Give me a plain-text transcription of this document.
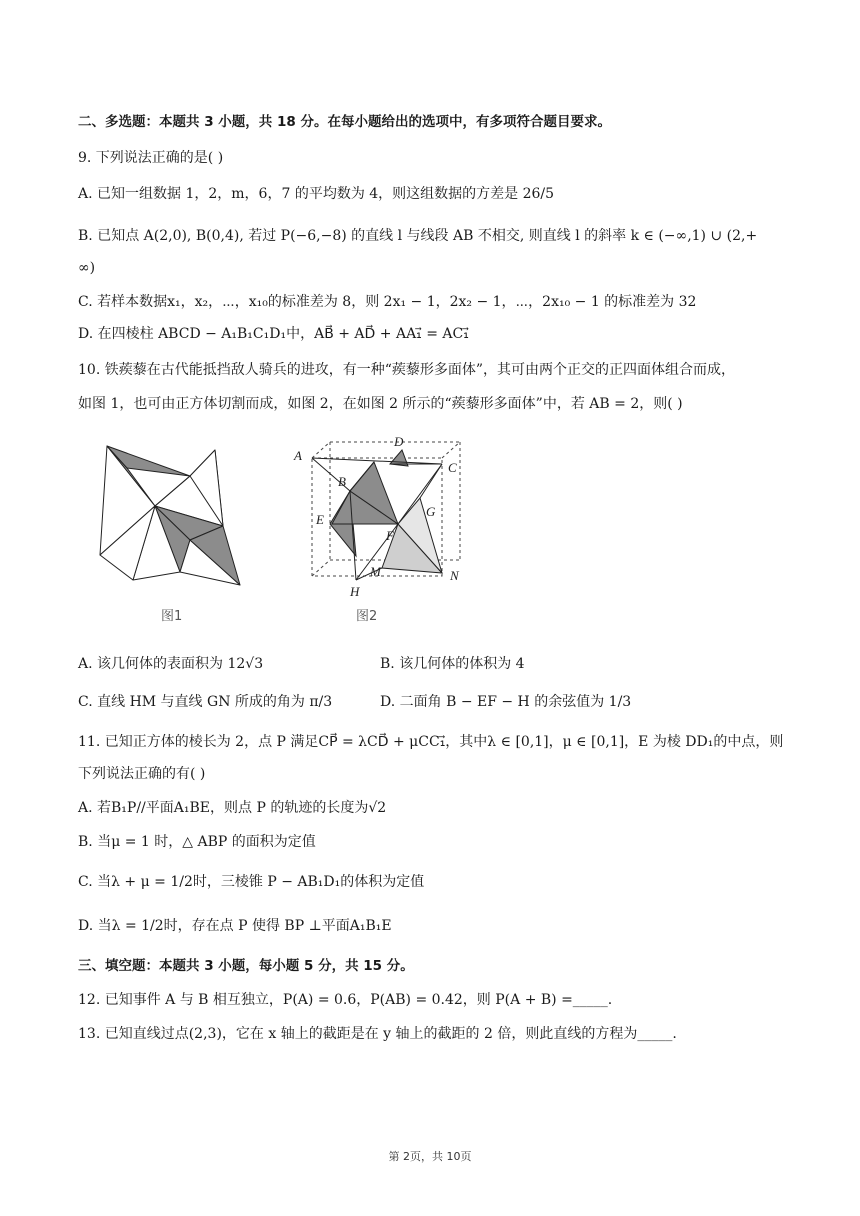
二、多选题：本题共 3 小题，共 18 分。在每小题给出的选项中，有多项符合题目要求。
9. 下列说法正确的是( )
A. 已知一组数据 1，2，m，6，7 的平均数为 4，则这组数据的方差是 26/5
B. 已知点 A(2,0), B(0,4), 若过 P(−6,−8) 的直线 l 与线段 AB 不相交, 则直线 l 的斜率 k ∈ (−∞,1) ∪ (2,+
∞)
C. 若样本数据x₁，x₂，⋯，x₁₀的标准差为 8，则 2x₁ − 1，2x₂ − 1，⋯，2x₁₀ − 1 的标准差为 32
D. 在四棱柱 ABCD − A₁B₁C₁D₁中，AB⃗ + AD⃗ + AA₁⃗ = AC₁⃗
10. 铁蒺藜在古代能抵挡敌人骑兵的进攻，有一种“蒺藜形多面体”，其可由两个正交的正四面体组合而成，
如图 1，也可由正方体切割而成，如图 2，在如图 2 所示的“蒺藜形多面体”中，若 AB = 2，则( )
图1
A
D
C
B
E
G
F
M	N
H
图2
A. 该几何体的表面积为 12√3	B. 该几何体的体积为 4
C. 直线 HM 与直线 GN 所成的角为 π/3	D. 二面角 B − EF − H 的余弦值为 1/3
11. 已知正方体的棱长为 2，点 P 满足CP⃗ = λCD⃗ + μCC₁⃗，其中λ ∈ [0,1]，μ ∈ [0,1]，E 为棱 DD₁的中点，则
下列说法正确的有( )
A. 若B₁P//平面A₁BE，则点 P 的轨迹的长度为√2
B. 当μ = 1 时，△ ABP 的面积为定值
C. 当λ + μ = 1/2时，三棱锥 P − AB₁D₁的体积为定值
D. 当λ = 1/2时，存在点 P 使得 BP ⊥平面A₁B₁E
三、填空题：本题共 3 小题，每小题 5 分，共 15 分。
12. 已知事件 A 与 B 相互独立，P(A) = 0.6，P(AB) = 0.42，则 P(A + B) =_____.
13. 已知直线过点(2,3)，它在 x 轴上的截距是在 y 轴上的截距的 2 倍，则此直线的方程为_____.
第 2页，共 10页
